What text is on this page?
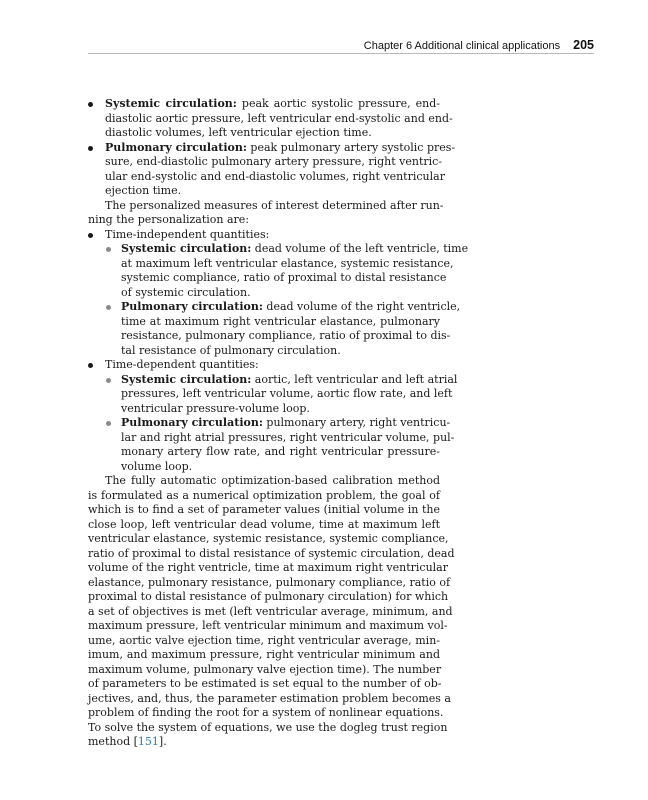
Chapter 6 Additional clinical applications 205
Systemic circulation: peak aortic systolic pressure, end-
diastolic aortic pressure, left ventricular end-systolic and end-
diastolic volumes, left ventricular ejection time.
Pulmonary circulation: peak pulmonary artery systolic pres-
sure, end-diastolic pulmonary artery pressure, right ventric-
ular end-systolic and end-diastolic volumes, right ventricular
ejection time.
The personalized measures of interest determined after run-
ning the personalization are:
Time-independent quantities:
Systemic circulation: dead volume of the left ventricle, time
at maximum left ventricular elastance, systemic resistance,
systemic compliance, ratio of proximal to distal resistance
of systemic circulation.
Pulmonary circulation: dead volume of the right ventricle,
time at maximum right ventricular elastance, pulmonary
resistance, pulmonary compliance, ratio of proximal to dis-
tal resistance of pulmonary circulation.
Time-dependent quantities:
Systemic circulation: aortic, left ventricular and left atrial
pressures, left ventricular volume, aortic flow rate, and left
ventricular pressure-volume loop.
Pulmonary circulation: pulmonary artery, right ventricu-
lar and right atrial pressures, right ventricular volume, pul-
monary artery flow rate, and right ventricular pressure-
volume loop.
The fully automatic optimization-based calibration method
is formulated as a numerical optimization problem, the goal of
which is to find a set of parameter values (initial volume in the
close loop, left ventricular dead volume, time at maximum left
ventricular elastance, systemic resistance, systemic compliance,
ratio of proximal to distal resistance of systemic circulation, dead
volume of the right ventricle, time at maximum right ventricular
elastance, pulmonary resistance, pulmonary compliance, ratio of
proximal to distal resistance of pulmonary circulation) for which
a set of objectives is met (left ventricular average, minimum, and
maximum pressure, left ventricular minimum and maximum vol-
ume, aortic valve ejection time, right ventricular average, min-
imum, and maximum pressure, right ventricular minimum and
maximum volume, pulmonary valve ejection time). The number
of parameters to be estimated is set equal to the number of ob-
jectives, and, thus, the parameter estimation problem becomes a
problem of finding the root for a system of nonlinear equations.
To solve the system of equations, we use the dogleg trust region
method [151].
